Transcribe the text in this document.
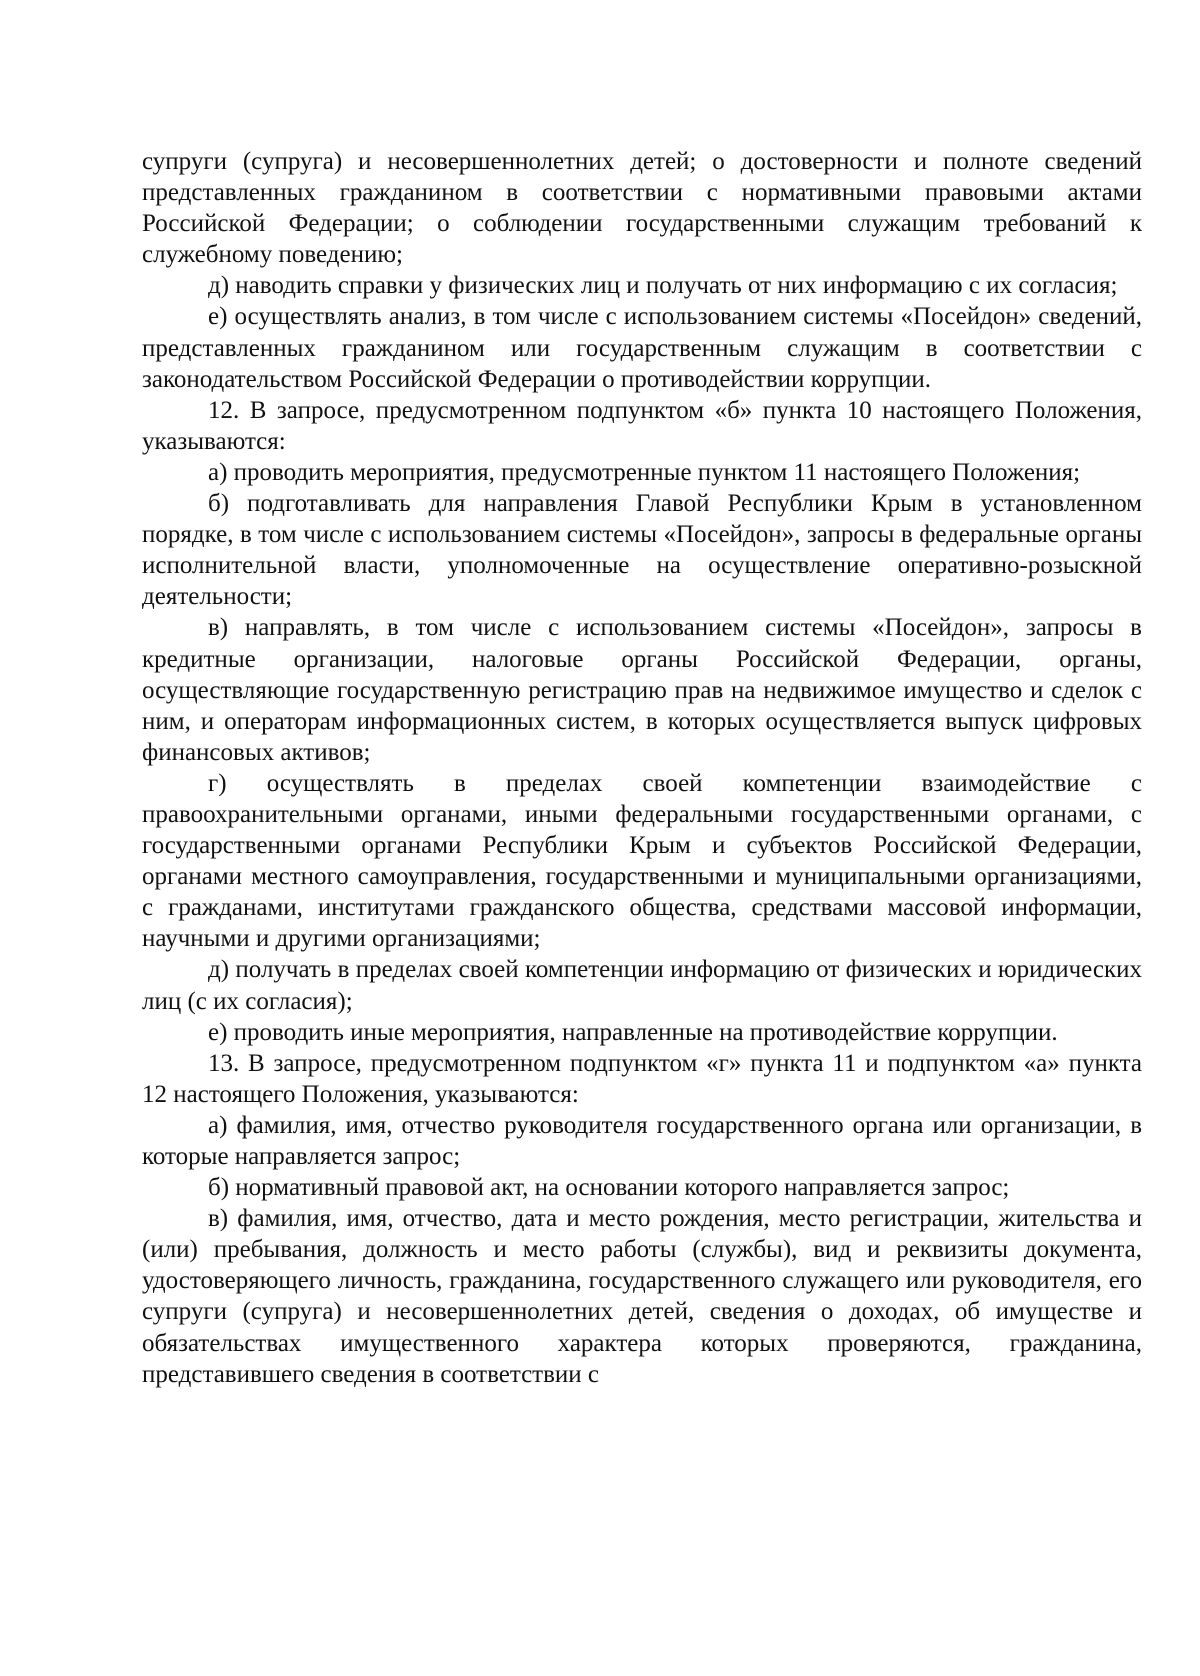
супруги (супруга) и несовершеннолетних детей; о достоверности и полноте сведений представленных гражданином в соответствии с нормативными правовыми актами Российской Федерации; о соблюдении государственными служащим требований к служебному поведению;

д) наводить справки у физических лиц и получать от них информацию с их согласия;

е) осуществлять анализ, в том числе с использованием системы «Посейдон» сведений, представленных гражданином или государственным служащим в соответствии с законодательством Российской Федерации о противодействии коррупции.

12. В запросе, предусмотренном подпунктом «б» пункта 10 настоящего Положения, указываются:

а) проводить мероприятия, предусмотренные пунктом 11 настоящего Положения;

б) подготавливать для направления Главой Республики Крым в установленном порядке, в том числе с использованием системы «Посейдон», запросы в федеральные органы исполнительной власти, уполномоченные на осуществление оперативно-розыскной деятельности;

в) направлять, в том числе с использованием системы «Посейдон», запросы в кредитные организации, налоговые органы Российской Федерации, органы, осуществляющие государственную регистрацию прав на недвижимое имущество и сделок с ним, и операторам информационных систем, в которых осуществляется выпуск цифровых финансовых активов;

г) осуществлять в пределах своей компетенции взаимодействие с правоохранительными органами, иными федеральными государственными органами, с государственными органами Республики Крым и субъектов Российской Федерации, органами местного самоуправления, государственными и муниципальными организациями, с гражданами, институтами гражданского общества, средствами массовой информации, научными и другими организациями;

д) получать в пределах своей компетенции информацию от физических и юридических лиц (с их согласия);

е) проводить иные мероприятия, направленные на противодействие коррупции.

13. В запросе, предусмотренном подпунктом «г» пункта 11 и подпунктом «а» пункта 12 настоящего Положения, указываются:

а) фамилия, имя, отчество руководителя государственного органа или организации, в которые направляется запрос;

б) нормативный правовой акт, на основании которого направляется запрос;

в) фамилия, имя, отчество, дата и место рождения, место регистрации, жительства и (или) пребывания, должность и место работы (службы), вид и реквизиты документа, удостоверяющего личность, гражданина, государственного служащего или руководителя, его супруги (супруга) и несовершеннолетних детей, сведения о доходах, об имуществе и обязательствах имущественного характера которых проверяются, гражданина, представившего сведения в соответствии с
